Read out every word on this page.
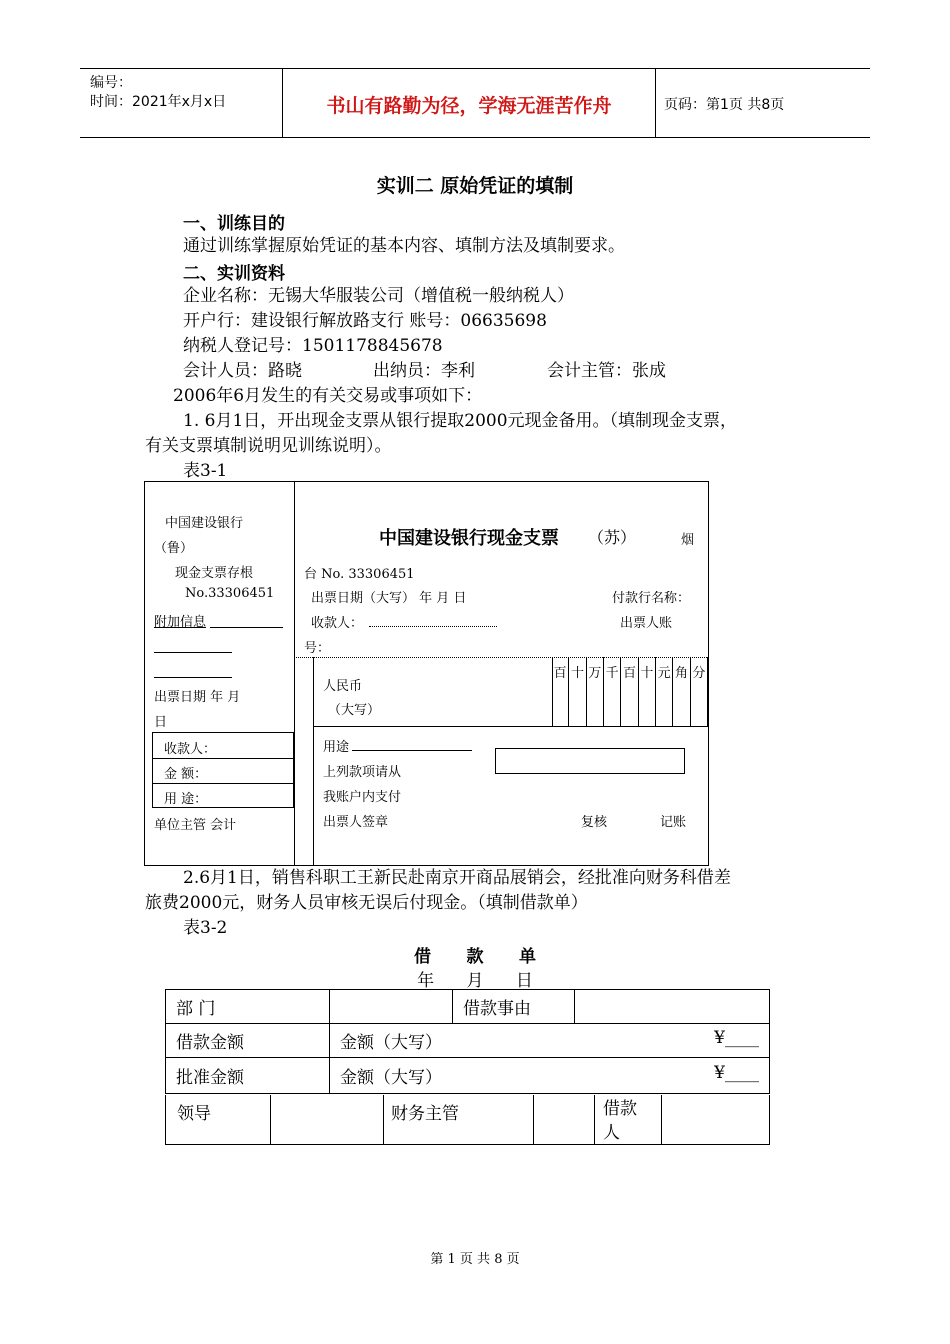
编号：
时间：2021年x月x日	书山有路勤为径，学海无涯苦作舟	页码：第1页 共8页
实训二 原始凭证的填制
一、训练目的
通过训练掌握原始凭证的基本内容、填制方法及填制要求。
二、实训资料
企业名称：无锡大华服装公司（增值税一般纳税人）
开户行：建设银行解放路支行 账号：06635698
纳税人登记号：1501178845678
会计人员：路晓	出纳员：李利	会计主管：张成
2006年6月发生的有关交易或事项如下：
1. 6月1日，开出现金支票从银行提取2000元现金备用。（填制现金支票，
有关支票填制说明见训练说明）。
表3-1
中国建设银行
（鲁）
现金支票存根
No.33306451
附加信息
出票日期 年 月
日
收款人：
金 额：
用 途：
单位主管 会计
中国建设银行现金支票 （苏）	烟
台 No. 33306451
出票日期（大写） 年 月 日	付款行名称：
收款人：	出票人账
号：
人民币
（大写）
百 十 万 千 百 十 元 角 分
用途
上列款项请从
我账户内支付
出票人签章	复核	记账
2.6月1日，销售科职工王新民赴南京开商品展销会，经批准向财务科借差
旅费2000元，财务人员审核无误后付现金。（填制借款单）
表3-2
借      款      单
年      月      日
部 门		借款事由	
借款金额	金额（大写） ¥____		

批准金额	金额（大写） ¥____		
领导	财务主管	借款人
第 1 页 共 8 页
